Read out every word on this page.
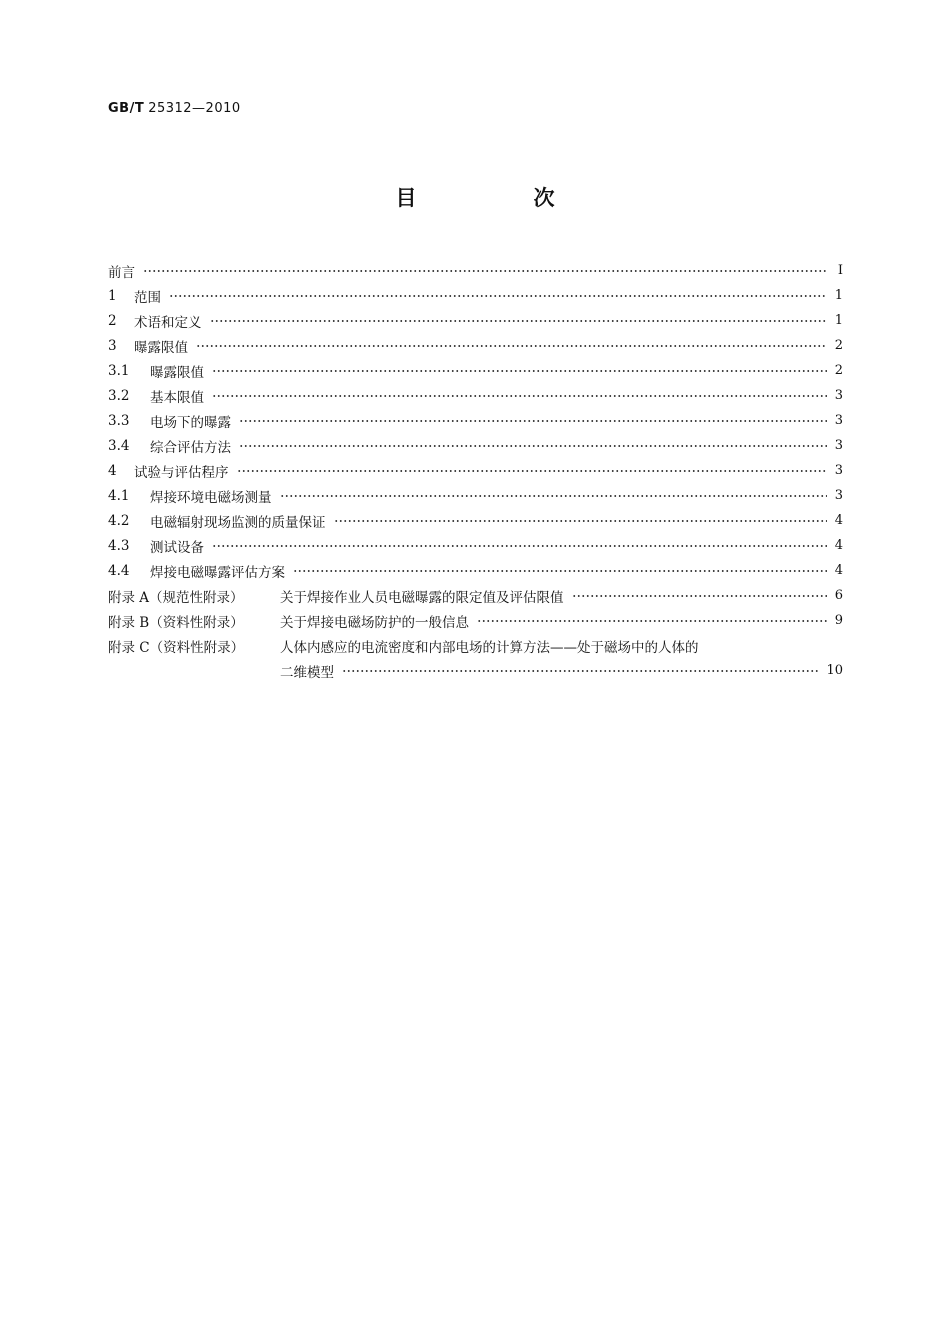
GB/T 25312—2010
目　次
前言	Ⅰ
1	范围	1
2	术语和定义	1
3	曝露限值	2
3.1	曝露限值	2
3.2	基本限值	3
3.3	电场下的曝露	3
3.4	综合评估方法	3
4	试验与评估程序	3
4.1	焊接环境电磁场测量	3
4.2	电磁辐射现场监测的质量保证	4
4.3	测试设备	4
4.4	焊接电磁曝露评估方案	4
附录 A（规范性附录）	关于焊接作业人员电磁曝露的限定值及评估限值	6
附录 B（资料性附录）	关于焊接电磁场防护的一般信息	9
附录 C（资料性附录）	人体内感应的电流密度和内部电场的计算方法——处于磁场中的人体的
二维模型	10
